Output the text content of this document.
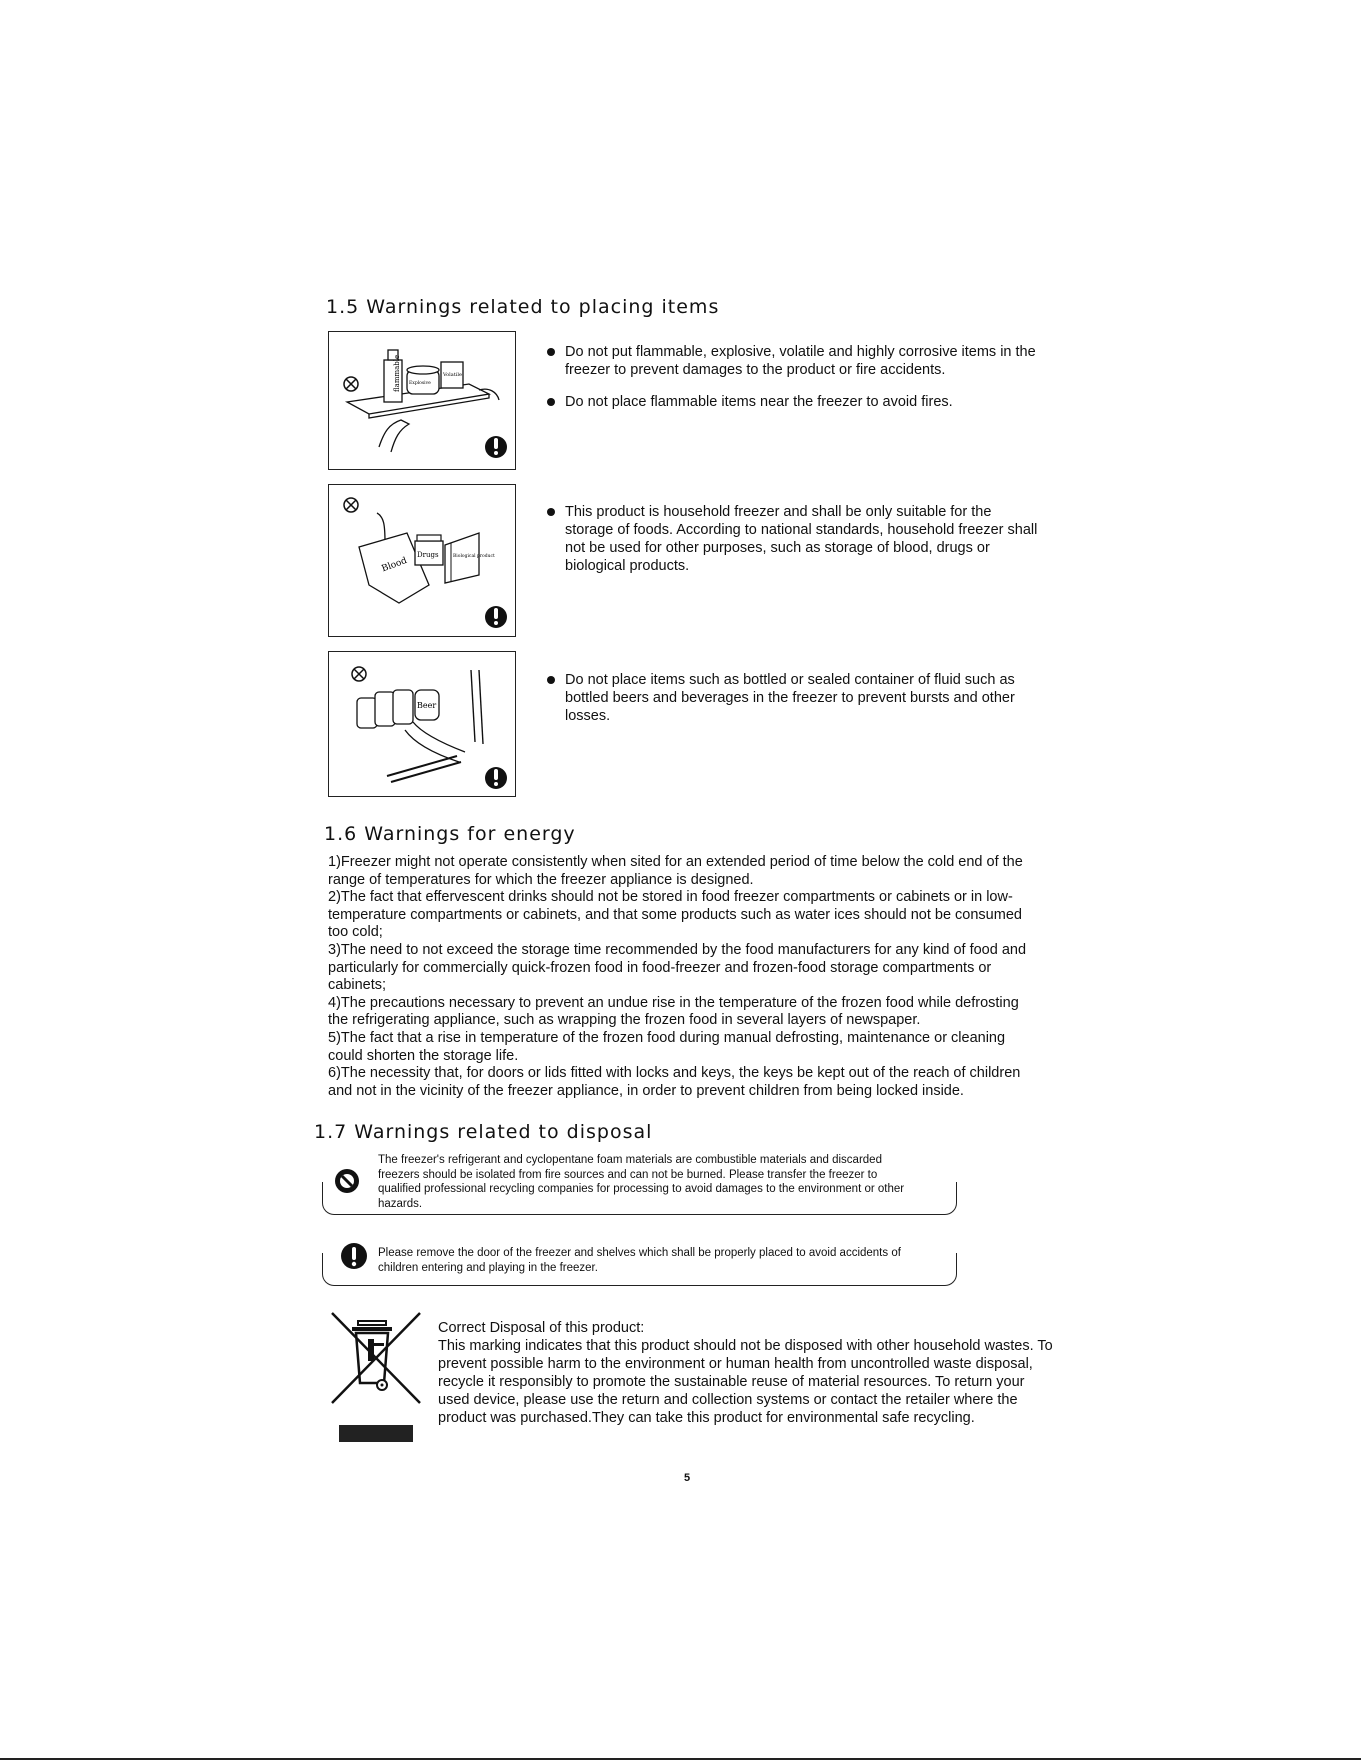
1.5 Warnings related to placing items
flammable Explosive
Volatile
Do not put flammable, explosive, volatile and highly corrosive items in the freezer to prevent damages to the product or fire accidents.
Do not place flammable items near the freezer to avoid fires.
Blood
Drugs	Biological product
This product is household freezer and shall be only suitable for the storage of foods. According to national standards, household freezer shall not be used for other purposes, such as storage of blood, drugs or biological products.
Beer
Do not place items such as bottled or sealed container of fluid such as bottled beers and beverages in the freezer to prevent bursts and other losses.
1.6 Warnings for energy

1)Freezer might not operate consistently when sited for an extended period of time below the cold end of the range of temperatures for which the freezer appliance is designed.

2)The fact that effervescent drinks should not be stored in food freezer compartments or cabinets or in low-temperature compartments or cabinets, and that some products such as water ices should not be consumed too cold;

3)The need to not exceed the storage time recommended by the food manufacturers for any kind of food and particularly for commercially quick-frozen food in food-freezer and frozen-food storage compartments or cabinets;

4)The precautions necessary to prevent an undue rise in the temperature of the frozen food while defrosting the refrigerating appliance, such as wrapping the frozen food in several layers of newspaper.

5)The fact that a rise in temperature of the frozen food during manual defrosting, maintenance or cleaning could shorten the storage life.

6)The necessity that, for doors or lids fitted with locks and keys, the keys be kept out of the reach of children and not in the vicinity of the freezer appliance, in order to prevent children from being locked inside.

1.7 Warnings related to disposal
The freezer's refrigerant and cyclopentane foam materials are combustible materials and discarded freezers should be isolated from fire sources and can not be burned. Please transfer the freezer to qualified professional recycling companies for processing to avoid damages to the environment or other hazards.
Please remove the door of the freezer and shelves which shall be properly placed to avoid accidents of children entering and playing in the freezer.

Correct Disposal of this product:

This marking indicates that this product should not be disposed with other household wastes. To prevent possible harm to the environment or human health from uncontrolled waste disposal, recycle it responsibly to promote the sustainable reuse of material resources. To return your used device, please use the return and collection systems or contact the retailer where the product was purchased.They can take this product for environmental safe recycling.

5
